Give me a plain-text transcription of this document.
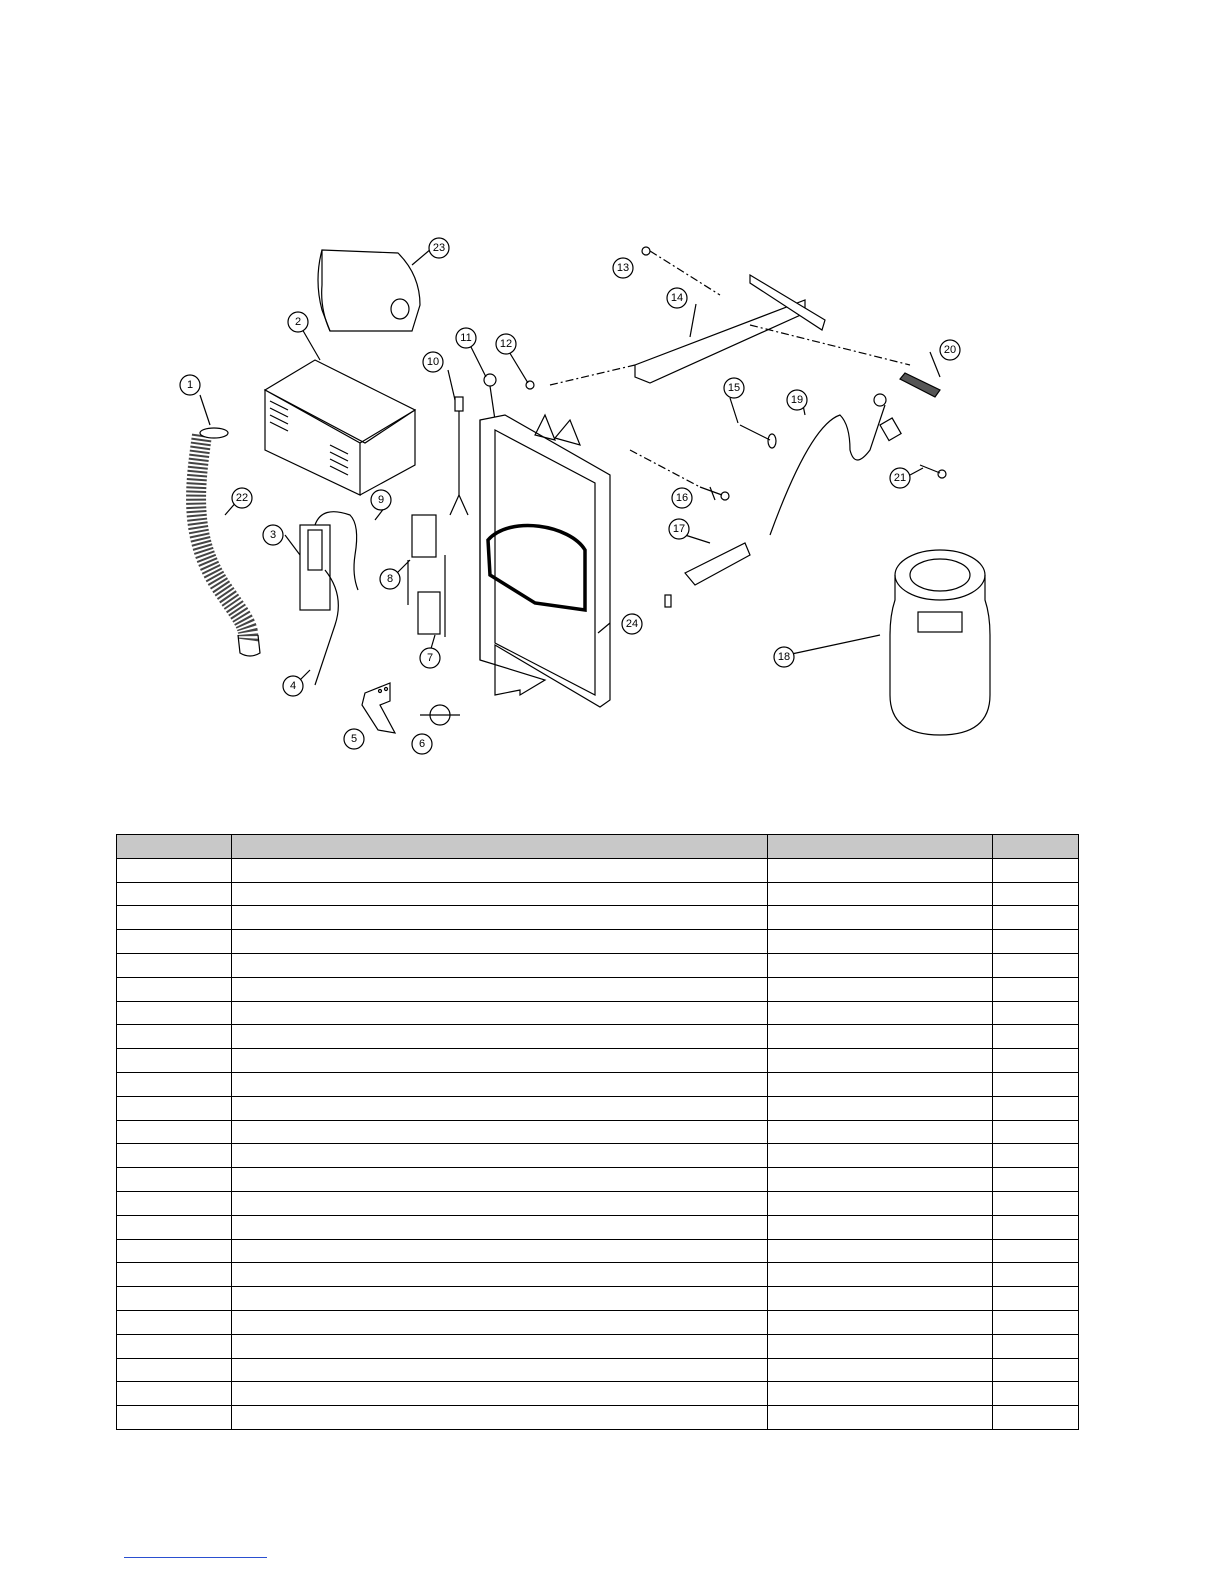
1
2
3
4
5	6
7
8
9
10
11	12
13
14
15
16
17
18
19
20
21
22
23
24
